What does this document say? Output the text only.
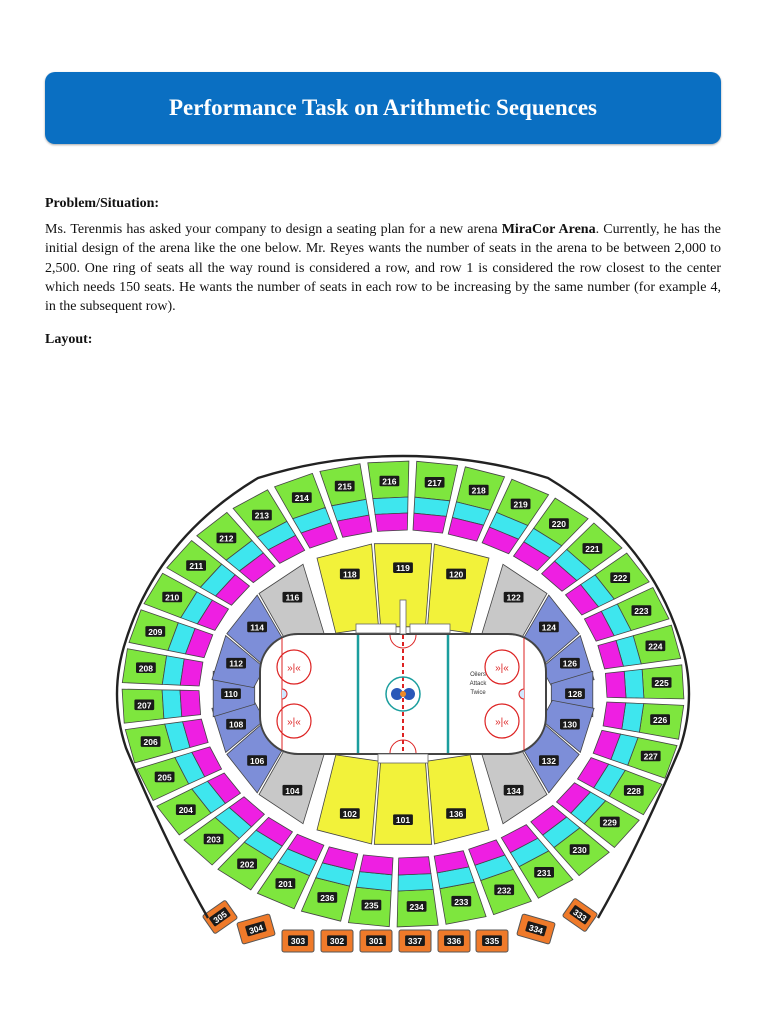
Performance Task on Arithmetic Sequences

Problem/Situation:

Ms. Terenmis has asked your company to design a seating plan for a new arena MiraCor Arena. Currently, he has the initial design of the arena like the one below. Mr. Reyes wants the number of seats in the arena to be between 2,000 to 2,500. One ring of seats all the way round is considered a row, and row 1 is considered the row closest to the center which needs 150 seats. He wants the number of seats in each row to be increasing by the same number (for example 4, in the subsequent row).

Layout:

305
304
303	302	301	337	336	335
334
333
215
216	217
218
219
220
221
222
223
224
225
226
227
228
229
230
231
232
233
234
235
236
201
202
203
204
205
206
207
208
209
210
211
212
213
214
116
118
119
120
122
124
126
128
130
132
134
136
101
102
104
106
108
110
112
114
»|«
»|«
»|«
»|«
Oilers
Attack
Twice
